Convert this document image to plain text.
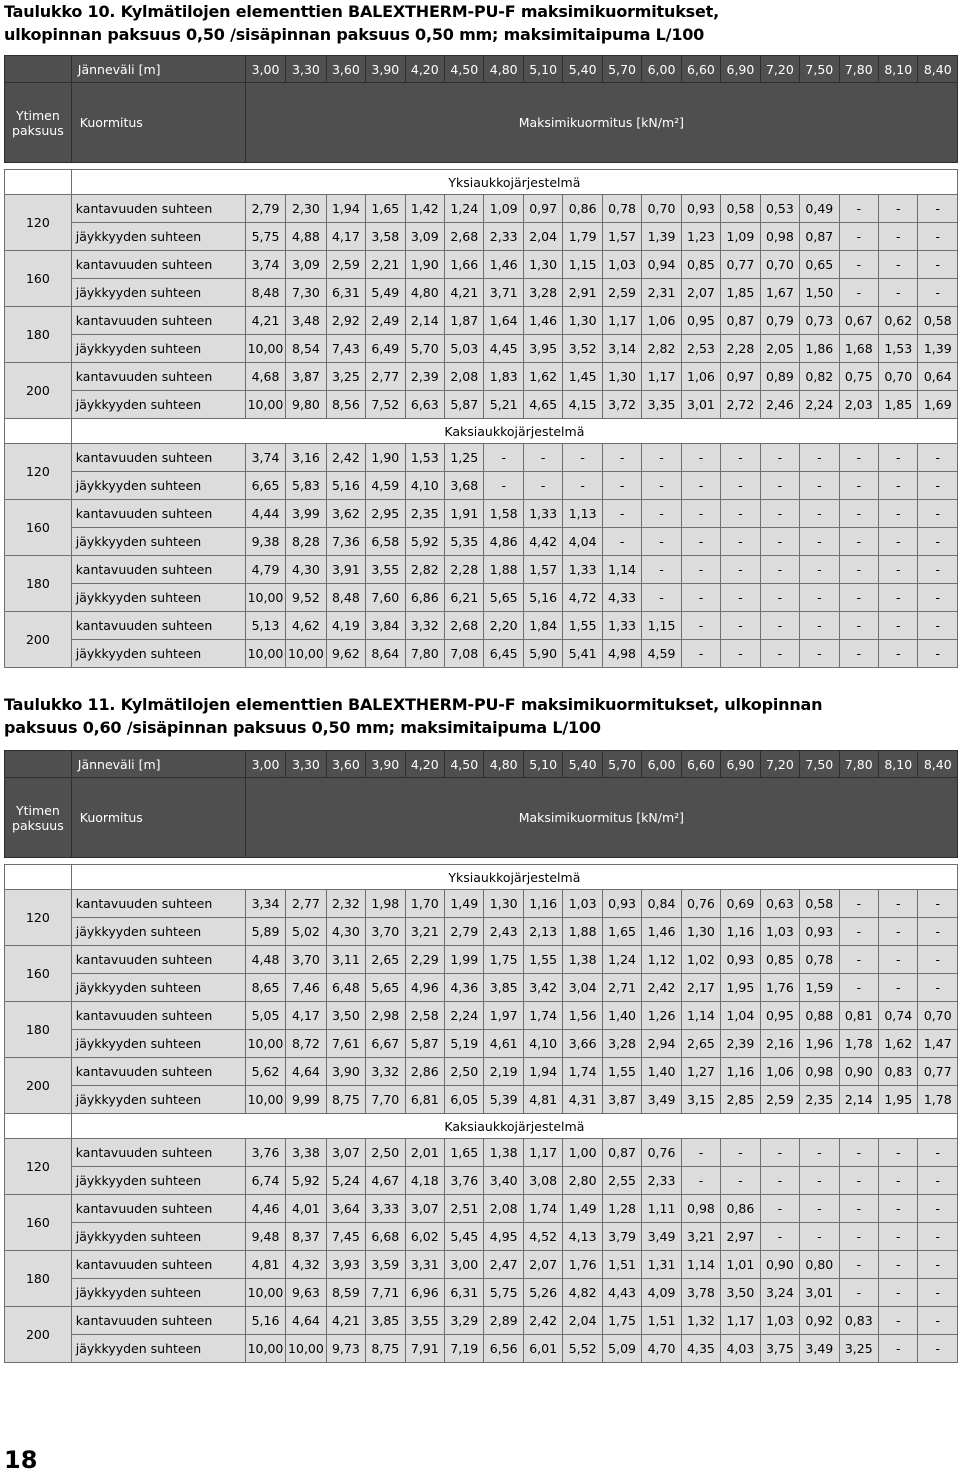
Taulukko 10. Kylmätilojen elementtien BALEXTHERM-PU-F maksimikuormitukset,
ulkopinnan paksuus 0,50 /sisäpinnan paksuus 0,50 mm; maksimitaipuma L/100
	Jänneväli [m]	3,00	3,30	3,60	3,90	4,20	4,50	4,80	5,10	5,40	5,70	6,00	6,60	6,90	7,20	7,50	7,80	8,10	8,40
Ytimen paksuus	Kuormitus	Maksimikuormitus [kN/m²]																	

	Yksiaukkojärjestelmä																		
120	kantavuuden suhteen	2,79	2,30	1,94	1,65	1,42	1,24	1,09	0,97	0,86	0,78	0,70	0,93	0,58	0,53	0,49	-	-	-
	jäykkyyden suhteen	5,75	4,88	4,17	3,58	3,09	2,68	2,33	2,04	1,79	1,57	1,39	1,23	1,09	0,98	0,87	-	-	-
160	kantavuuden suhteen	3,74	3,09	2,59	2,21	1,90	1,66	1,46	1,30	1,15	1,03	0,94	0,85	0,77	0,70	0,65	-	-	-
	jäykkyyden suhteen	8,48	7,30	6,31	5,49	4,80	4,21	3,71	3,28	2,91	2,59	2,31	2,07	1,85	1,67	1,50	-	-	-
180	kantavuuden suhteen	4,21	3,48	2,92	2,49	2,14	1,87	1,64	1,46	1,30	1,17	1,06	0,95	0,87	0,79	0,73	0,67	0,62	0,58
	jäykkyyden suhteen	10,00	8,54	7,43	6,49	5,70	5,03	4,45	3,95	3,52	3,14	2,82	2,53	2,28	2,05	1,86	1,68	1,53	1,39
200	kantavuuden suhteen	4,68	3,87	3,25	2,77	2,39	2,08	1,83	1,62	1,45	1,30	1,17	1,06	0,97	0,89	0,82	0,75	0,70	0,64
	jäykkyyden suhteen	10,00	9,80	8,56	7,52	6,63	5,87	5,21	4,65	4,15	3,72	3,35	3,01	2,72	2,46	2,24	2,03	1,85	1,69
	Kaksiaukkojärjestelmä																		
120	kantavuuden suhteen	3,74	3,16	2,42	1,90	1,53	1,25	-	-	-	-	-	-	-	-	-	-	-	-
	jäykkyyden suhteen	6,65	5,83	5,16	4,59	4,10	3,68	-	-	-	-	-	-	-	-	-	-	-	-
160	kantavuuden suhteen	4,44	3,99	3,62	2,95	2,35	1,91	1,58	1,33	1,13	-	-	-	-	-	-	-	-	-
	jäykkyyden suhteen	9,38	8,28	7,36	6,58	5,92	5,35	4,86	4,42	4,04	-	-	-	-	-	-	-	-	-
180	kantavuuden suhteen	4,79	4,30	3,91	3,55	2,82	2,28	1,88	1,57	1,33	1,14	-	-	-	-	-	-	-	-
	jäykkyyden suhteen	10,00	9,52	8,48	7,60	6,86	6,21	5,65	5,16	4,72	4,33	-	-	-	-	-	-	-	-
200	kantavuuden suhteen	5,13	4,62	4,19	3,84	3,32	2,68	2,20	1,84	1,55	1,33	1,15	-	-	-	-	-	-	-
	jäykkyyden suhteen	10,00	10,00	9,62	8,64	7,80	7,08	6,45	5,90	5,41	4,98	4,59	-	-	-	-	-	-	-
Taulukko 11. Kylmätilojen elementtien BALEXTHERM-PU-F maksimikuormitukset, ulkopinnan
paksuus 0,60 /sisäpinnan paksuus 0,50 mm; maksimitaipuma L/100
	Jänneväli [m]	3,00	3,30	3,60	3,90	4,20	4,50	4,80	5,10	5,40	5,70	6,00	6,60	6,90	7,20	7,50	7,80	8,10	8,40
Ytimen paksuus	Kuormitus	Maksimikuormitus [kN/m²]																	

	Yksiaukkojärjestelmä																		
120	kantavuuden suhteen	3,34	2,77	2,32	1,98	1,70	1,49	1,30	1,16	1,03	0,93	0,84	0,76	0,69	0,63	0,58	-	-	-
	jäykkyyden suhteen	5,89	5,02	4,30	3,70	3,21	2,79	2,43	2,13	1,88	1,65	1,46	1,30	1,16	1,03	0,93	-	-	-
160	kantavuuden suhteen	4,48	3,70	3,11	2,65	2,29	1,99	1,75	1,55	1,38	1,24	1,12	1,02	0,93	0,85	0,78	-	-	-
	jäykkyyden suhteen	8,65	7,46	6,48	5,65	4,96	4,36	3,85	3,42	3,04	2,71	2,42	2,17	1,95	1,76	1,59	-	-	-
180	kantavuuden suhteen	5,05	4,17	3,50	2,98	2,58	2,24	1,97	1,74	1,56	1,40	1,26	1,14	1,04	0,95	0,88	0,81	0,74	0,70
	jäykkyyden suhteen	10,00	8,72	7,61	6,67	5,87	5,19	4,61	4,10	3,66	3,28	2,94	2,65	2,39	2,16	1,96	1,78	1,62	1,47
200	kantavuuden suhteen	5,62	4,64	3,90	3,32	2,86	2,50	2,19	1,94	1,74	1,55	1,40	1,27	1,16	1,06	0,98	0,90	0,83	0,77
	jäykkyyden suhteen	10,00	9,99	8,75	7,70	6,81	6,05	5,39	4,81	4,31	3,87	3,49	3,15	2,85	2,59	2,35	2,14	1,95	1,78
	Kaksiaukkojärjestelmä																		
120	kantavuuden suhteen	3,76	3,38	3,07	2,50	2,01	1,65	1,38	1,17	1,00	0,87	0,76	-	-	-	-	-	-	-
	jäykkyyden suhteen	6,74	5,92	5,24	4,67	4,18	3,76	3,40	3,08	2,80	2,55	2,33	-	-	-	-	-	-	-
160	kantavuuden suhteen	4,46	4,01	3,64	3,33	3,07	2,51	2,08	1,74	1,49	1,28	1,11	0,98	0,86	-	-	-	-	-
	jäykkyyden suhteen	9,48	8,37	7,45	6,68	6,02	5,45	4,95	4,52	4,13	3,79	3,49	3,21	2,97	-	-	-	-	-
180	kantavuuden suhteen	4,81	4,32	3,93	3,59	3,31	3,00	2,47	2,07	1,76	1,51	1,31	1,14	1,01	0,90	0,80	-	-	-
	jäykkyyden suhteen	10,00	9,63	8,59	7,71	6,96	6,31	5,75	5,26	4,82	4,43	4,09	3,78	3,50	3,24	3,01	-	-	-
200	kantavuuden suhteen	5,16	4,64	4,21	3,85	3,55	3,29	2,89	2,42	2,04	1,75	1,51	1,32	1,17	1,03	0,92	0,83	-	-
	jäykkyyden suhteen	10,00	10,00	9,73	8,75	7,91	7,19	6,56	6,01	5,52	5,09	4,70	4,35	4,03	3,75	3,49	3,25	-	-
18
